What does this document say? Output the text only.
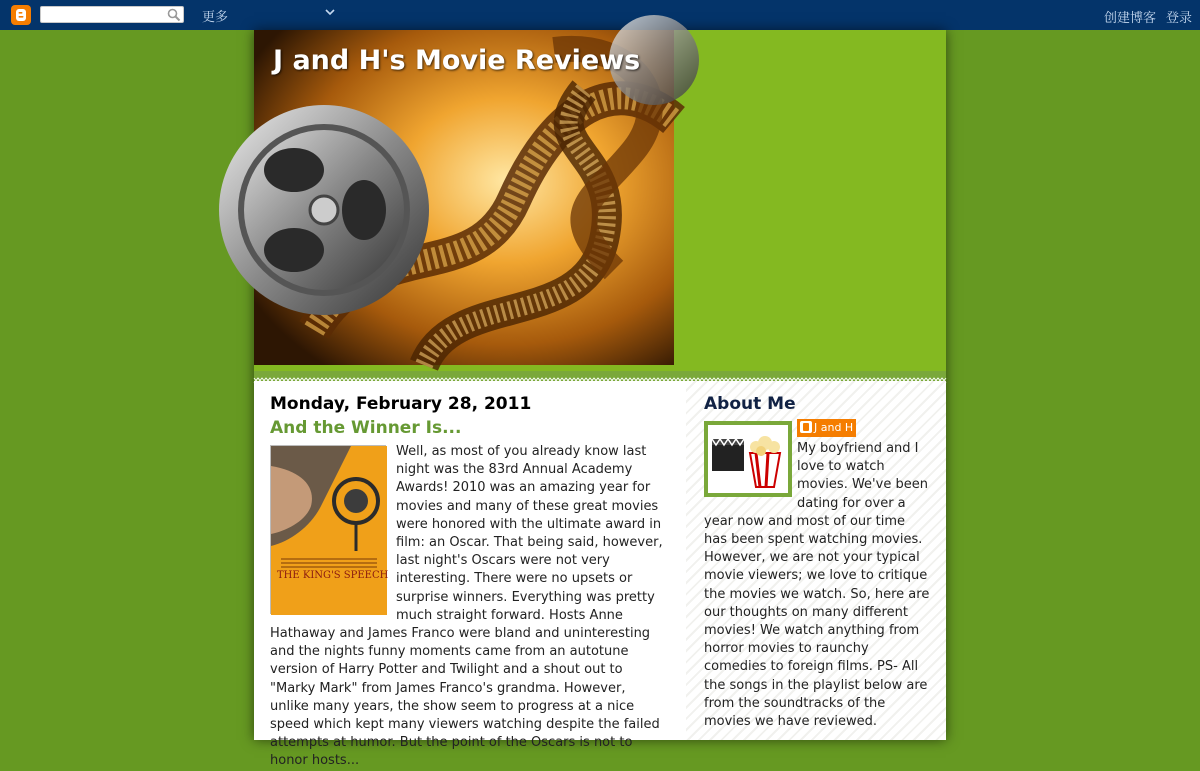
更多	创建博客 登录
J and H's Movie Reviews
Monday, February 28, 2011
And the Winner Is...
THE KING'S SPEECH
Well, as most of you already know last night was the 83rd Annual Academy Awards! 2010 was an amazing year for movies and many of these great movies were honored with the ultimate award in film: an Oscar. That being said, however, last night's Oscars were not very interesting. There were no upsets or surprise winners. Everything was pretty much straight forward. Hosts Anne Hathaway and James Franco were bland and uninteresting and the nights funny moments came from an autotune version of Harry Potter and Twilight and a shout out to "Marky Mark" from James Franco's grandma. However, unlike many years, the show seem to progress at a nice speed which kept many viewers watching despite the failed attempts at humor. But the point of the Oscars is not to honor hosts...
About Me
J and H
My boyfriend and I love to watch movies. We've been dating for over a year now and most of our time has been spent watching movies. However, we are not your typical movie viewers; we love to critique the movies we watch. So, here are our thoughts on many different movies! We watch anything from horror movies to raunchy comedies to foreign films. PS- All the songs in the playlist below are from the soundtracks of the movies we have reviewed.
